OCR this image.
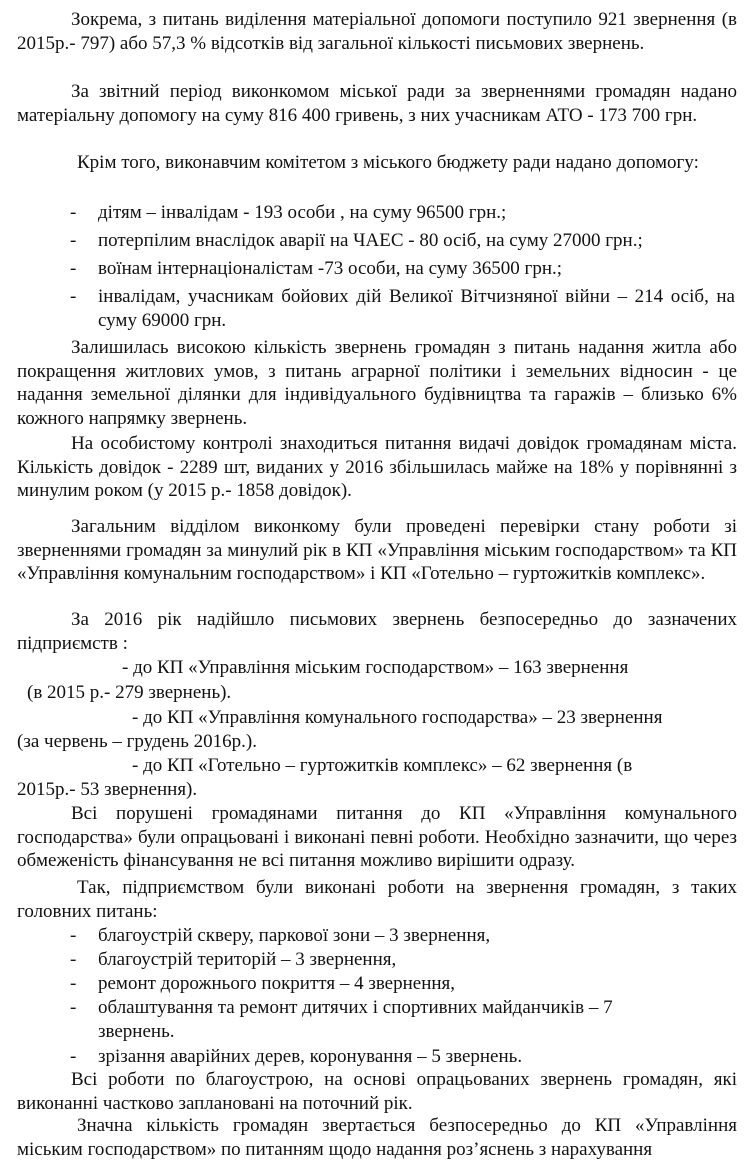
Зокрема, з питань виділення матеріальної допомоги поступило 921 звернення (в 2015р.- 797) або 57,3 % відсотків від загальної кількості письмових звернень.

За звітний період виконкомом міської ради за зверненнями громадян надано матеріальну допомогу на суму 816 400 гривень, з них учасникам АТО - 173 700 грн.

Крім того, виконавчим комітетом з міського бюджету ради надано допомогу:

-	дітям – інвалідам - 193 особи , на суму 96500 грн.;
-	потерпілим внаслідок аварії на ЧАЕС - 80 осіб, на суму 27000 грн.;
-	воїнам інтернаціоналістам -73 особи, на суму 36500 грн.;
-	інвалідам, учасникам бойових дій Великої Вітчизняної війни – 214 осіб, на суму 69000 грн.

Залишилась високою кількість звернень громадян з питань надання житла або покращення житлових умов, з питань аграрної політики і земельних відносин - це надання земельної ділянки для індивідуального будівництва та гаражів – близько 6% кожного напрямку звернень.

На особистому контролі знаходиться питання видачі довідок громадянам міста. Кількість довідок - 2289 шт, виданих у 2016 збільшилась майже на 18% у порівнянні з минулим роком (у 2015 р.- 1858 довідок).

Загальним відділом виконкому були проведені перевірки стану роботи зі зверненнями громадян за минулий рік в КП «Управління міським господарством» та КП «Управління комунальним господарством» і КП «Готельно – гуртожитків комплекс».

За 2016 рік надійшло письмових звернень безпосередньо до зазначених підприємств :

- до КП «Управління міським господарством» – 163 звернення

(в 2015 р.- 279 звернень).

- до КП «Управління комунального господарства» – 23 звернення

(за червень – грудень 2016р.).

- до КП «Готельно – гуртожитків комплекс» – 62 звернення (в

2015р.- 53 звернення).

Всі порушені громадянами питання до КП «Управління комунального господарства» були опрацьовані і виконані певні роботи. Необхідно зазначити, що через обмеженість фінансування не всі питання можливо вирішити одразу.

Так, підприємством були виконані роботи на звернення громадян, з таких головних питань:

-	благоустрій скверу, паркової зони – 3 звернення,
-	благоустрій територій – 3 звернення,
-	ремонт дорожнього покриття – 4 звернення,
-	облаштування та ремонт дитячих і спортивних майданчиків – 7 звернень.
-	зрізання аварійних дерев, коронування – 5 звернень.

Всі роботи по благоустрою, на основі опрацьованих звернень громадян, які виконанні частково заплановані на поточний рік.

Значна кількість громадян звертається безпосередньо до КП «Управління міським господарством» по питанням щодо надання роз’яснень з нарахування
